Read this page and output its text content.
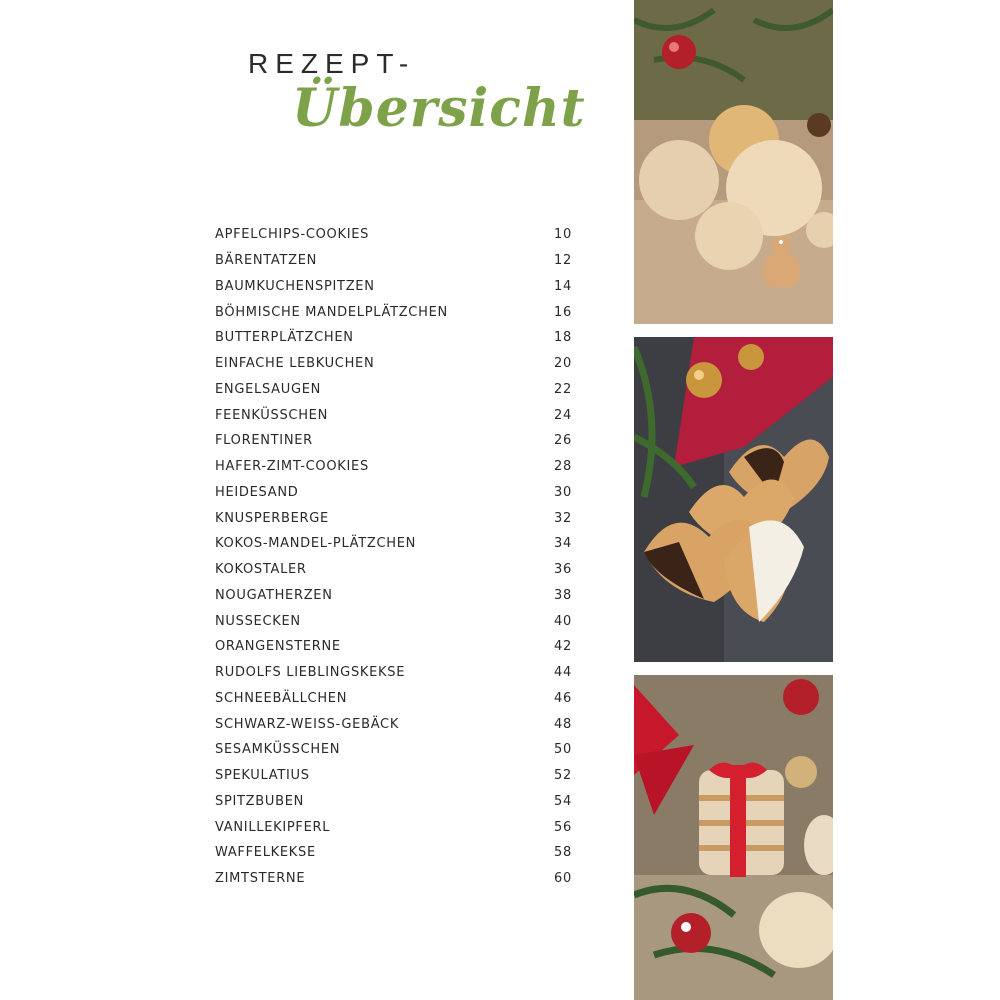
REZEPT-
Übersicht
APFELCHIPS-COOKIES	10
BÄRENTATZEN	12
BAUMKUCHENSPITZEN	14
BÖHMISCHE MANDELPLÄTZCHEN	16
BUTTERPLÄTZCHEN	18
EINFACHE LEBKUCHEN	20
ENGELSAUGEN	22
FEENKÜSSCHEN	24
FLORENTINER	26
HAFER-ZIMT-COOKIES	28
HEIDESAND	30
KNUSPERBERGE	32
KOKOS-MANDEL-PLÄTZCHEN	34
KOKOSTALER	36
NOUGATHERZEN	38
NUSSECKEN	40
ORANGENSTERNE	42
RUDOLFS LIEBLINGSKEKSE	44
SCHNEEBÄLLCHEN	46
SCHWARZ-WEISS-GEBÄCK	48
SESAMKÜSSCHEN	50
SPEKULATIUS	52
SPITZBUBEN	54
VANILLEKIPFERL	56
WAFFELKEKSE	58
ZIMTSTERNE	60
